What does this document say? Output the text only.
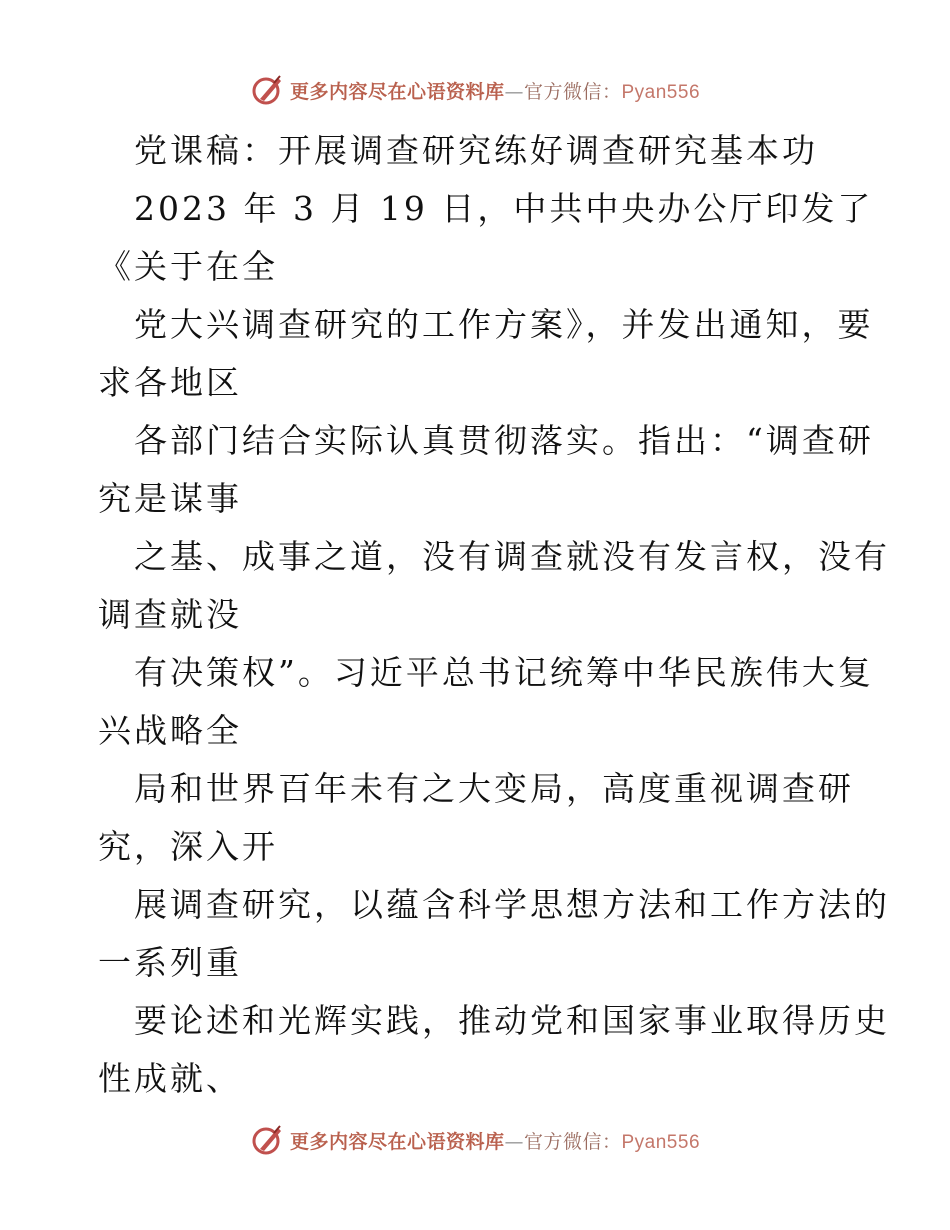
更多内容尽在心语资料库—官方微信：Pyan556
党课稿：开展调查研究练好调查研究基本功
2023 年 3 月 19 日，中共中央办公厅印发了
《关于在全
党大兴调查研究的工作方案》，并发出通知，要
求各地区
各部门结合实际认真贯彻落实。指出：“调查研
究是谋事
之基、成事之道，没有调查就没有发言权，没有
调查就没
有决策权”。习近平总书记统筹中华民族伟大复
兴战略全
局和世界百年未有之大变局，高度重视调查研
究，深入开
展调查研究，以蕴含科学思想方法和工作方法的
一系列重
要论述和光辉实践，推动党和国家事业取得历史
性成就、
更多内容尽在心语资料库—官方微信：Pyan556
